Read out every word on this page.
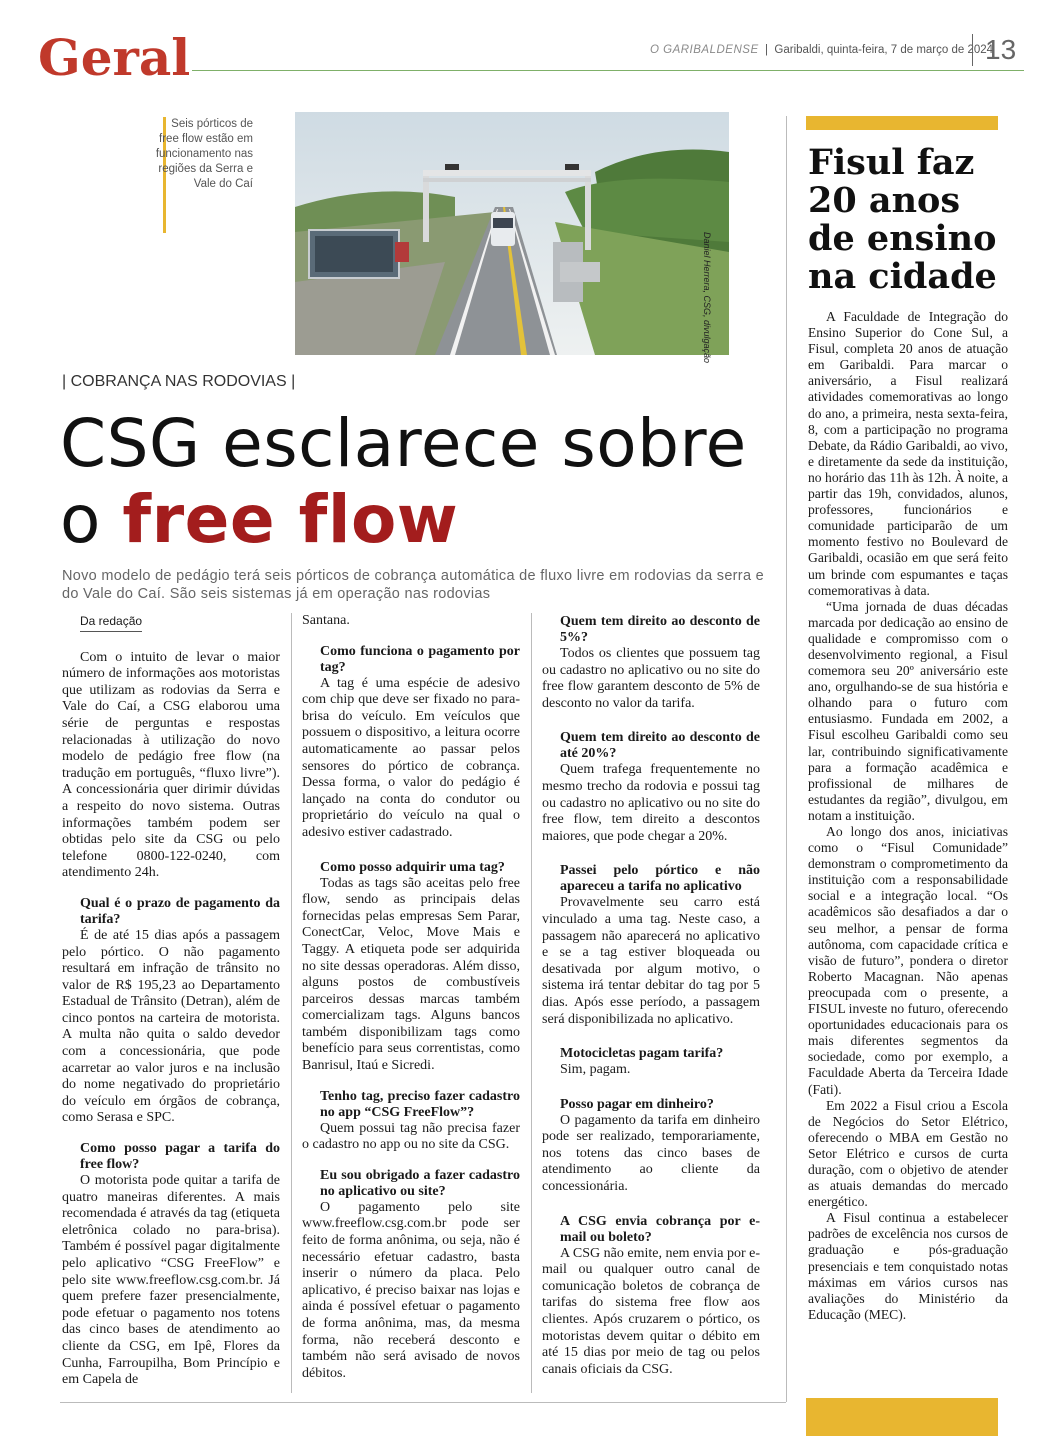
Geral	O GARIBALDENSE  |  Garibaldi, quinta-feira, 7 de março de 2024
13
Seis pórticos de free flow estão em funcionamento nas regiões da Serra e Vale do Caí
Daniel Herrera, CSG, divulgação
| COBRANÇA NAS RODOVIAS |
CSG esclarece sobre
o free flow
Novo modelo de pedágio terá seis pórticos de cobrança automática de fluxo livre em rodovias da serra e do Vale do Caí. São seis sistemas já em operação nas rodovias
Da redação

Com o intuito de levar o maior número de informações aos motoristas que utilizam as rodovias da Serra e Vale do Caí, a CSG elaborou uma série de perguntas e respostas relacionadas à utilização do novo modelo de pedágio free flow (na tradução em português, “fluxo livre”). A concessionária quer dirimir dúvidas a respeito do novo sistema. Outras informações também podem ser obtidas pelo site da CSG ou pelo telefone 0800-122-0240, com atendimento 24h.

Qual é o prazo de pagamento da tarifa?

É de até 15 dias após a passagem pelo pórtico. O não pagamento resultará em infração de trânsito no valor de R$ 195,23 ao Departamento Estadual de Trânsito (Detran), além de cinco pontos na carteira de motorista. A multa não quita o saldo devedor com a concessionária, que pode acarretar ao valor juros e na inclusão do nome negativado do proprietário do veículo em órgãos de cobrança, como Serasa e SPC.

Como posso pagar a tarifa do free flow?

O motorista pode quitar a tarifa de quatro maneiras diferentes. A mais recomendada é através da tag (etiqueta eletrônica colado no para-brisa). Também é possível pagar digitalmente pelo aplicativo “CSG FreeFlow” e pelo site www.freeflow.csg.com.br. Já quem prefere fazer presencialmente, pode efetuar o pagamento nos totens das cinco bases de atendimento ao cliente da CSG, em Ipê, Flores da Cunha, Farroupilha, Bom Princípio e em Capela de

Santana.

Como funciona o pagamento por tag?

A tag é uma espécie de adesivo com chip que deve ser fixado no para-brisa do veículo. Em veículos que possuem o dispositivo, a leitura ocorre automaticamente ao passar pelos sensores do pórtico de cobrança. Dessa forma, o valor do pedágio é lançado na conta do condutor ou proprietário do veículo na qual o adesivo estiver cadastrado.

Como posso adquirir uma tag?

Todas as tags são aceitas pelo free flow, sendo as principais delas fornecidas pelas empresas Sem Parar, ConectCar, Veloc, Move Mais e Taggy. A etiqueta pode ser adquirida no site dessas operadoras. Além disso, alguns postos de combustíveis parceiros dessas marcas também comercializam tags. Alguns bancos também disponibilizam tags como benefício para seus correntistas, como Banrisul, Itaú e Sicredi.

Tenho tag, preciso fazer cadastro no app “CSG FreeFlow”?

Quem possui tag não precisa fazer o cadastro no app ou no site da CSG.

Eu sou obrigado a fazer cadastro no aplicativo ou site?

O pagamento pelo site www.freeflow.csg.com.br pode ser feito de forma anônima, ou seja, não é necessário efetuar cadastro, basta inserir o número da placa. Pelo aplicativo, é preciso baixar nas lojas e ainda é possível efetuar o pagamento de forma anônima, mas, da mesma forma, não receberá desconto e também não será avisado de novos débitos.

Quem tem direito ao desconto de 5%?

Todos os clientes que possuem tag ou cadastro no aplicativo ou no site do free flow garantem desconto de 5% de desconto no valor da tarifa.

Quem tem direito ao desconto de até 20%?

Quem trafega frequentemente no mesmo trecho da rodovia e possui tag ou cadastro no aplicativo ou no site do free flow, tem direito a descontos maiores, que pode chegar a 20%.

Passei pelo pórtico e não apareceu a tarifa no aplicativo

Provavelmente seu carro está vinculado a uma tag. Neste caso, a passagem não aparecerá no aplicativo e se a tag estiver bloqueada ou desativada por algum motivo, o sistema irá tentar debitar do tag por 5 dias. Após esse período, a passagem será disponibilizada no aplicativo.

Motocicletas pagam tarifa?

Sim, pagam.

Posso pagar em dinheiro?

O pagamento da tarifa em dinheiro pode ser realizado, temporariamente, nos totens das cinco bases de atendimento ao cliente da concessionária.

A CSG envia cobrança por e-mail ou boleto?

A CSG não emite, nem envia por e-mail ou qualquer outro canal de comunicação boletos de cobrança de tarifas do sistema free flow aos clientes. Após cruzarem o pórtico, os motoristas devem quitar o débito em até 15 dias por meio de tag ou pelos canais oficiais da CSG.

Fisul faz 20 anos de ensino na cidade

A Faculdade de Integração do Ensino Superior do Cone Sul, a Fisul, completa 20 anos de atuação em Garibaldi. Para marcar o aniversário, a Fisul realizará atividades comemorativas ao longo do ano, a primeira, nesta sexta-feira, 8, com a participação no programa Debate, da Rádio Garibaldi, ao vivo, e diretamente da sede da instituição, no horário das 11h às 12h. À noite, a partir das 19h, convidados, alunos, professores, funcionários e comunidade participarão de um momento festivo no Boulevard de Garibaldi, ocasião em que será feito um brinde com espumantes e taças comemorativas à data.

“Uma jornada de duas décadas marcada por dedicação ao ensino de qualidade e compromisso com o desenvolvimento regional, a Fisul comemora seu 20º aniversário este ano, orgulhando-se de sua história e olhando para o futuro com entusiasmo. Fundada em 2002, a Fisul escolheu Garibaldi como seu lar, contribuindo significativamente para a formação acadêmica e profissional de milhares de estudantes da região”, divulgou, em notam a instituição.

Ao longo dos anos, iniciativas como o “Fisul Comunidade” demonstram o comprometimento da instituição com a responsabilidade social e a integração local. “Os acadêmicos são desafiados a dar o seu melhor, a pensar de forma autônoma, com capacidade crítica e visão de futuro”, pondera o diretor Roberto Macagnan. Não apenas preocupada com o presente, a FISUL investe no futuro, oferecendo oportunidades educacionais para os mais diferentes segmentos da sociedade, como por exemplo, a Faculdade Aberta da Terceira Idade (Fati).

Em 2022 a Fisul criou a Escola de Negócios do Setor Elétrico, oferecendo o MBA em Gestão no Setor Elétrico e cursos de curta duração, com o objetivo de atender as atuais demandas do mercado energético.

A Fisul continua a estabelecer padrões de excelência nos cursos de graduação e pós-graduação presenciais e tem conquistado notas máximas em vários cursos nas avaliações do Ministério da Educação (MEC).
